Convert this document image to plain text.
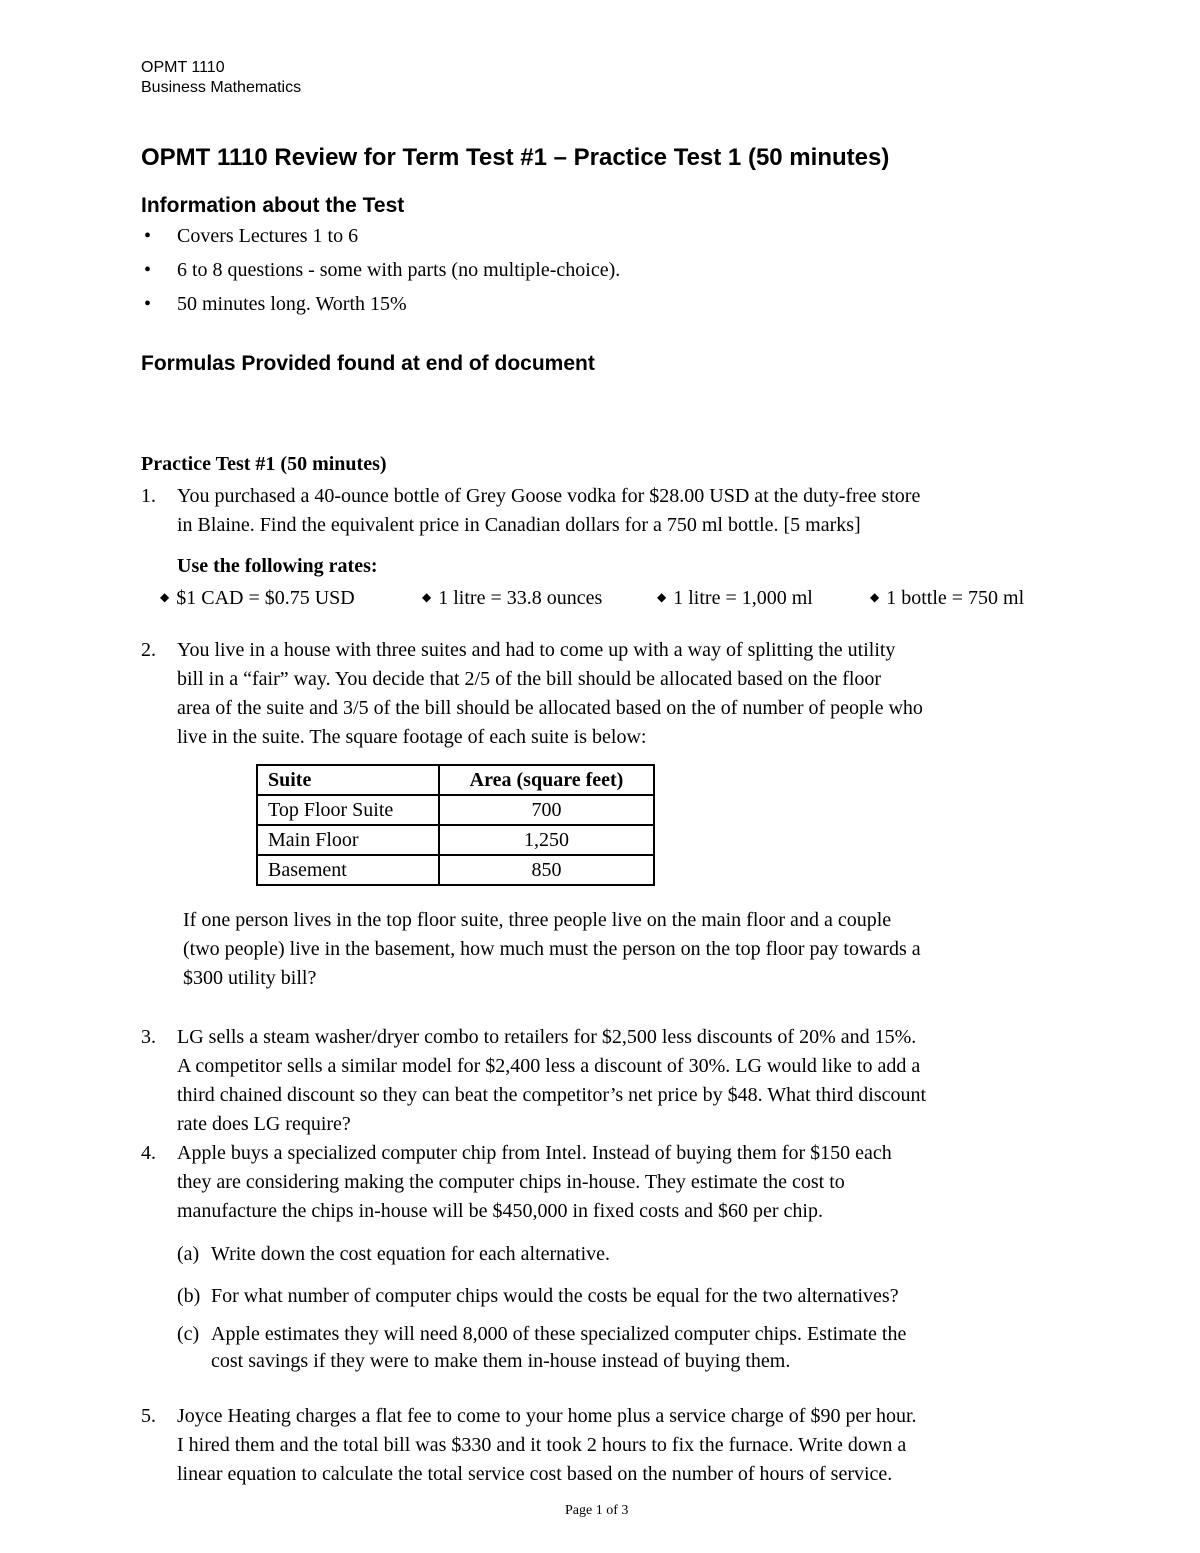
OPMT 1110
Business Mathematics
OPMT 1110 Review for Term Test #1 – Practice Test 1 (50 minutes)
Information about the Test
• Covers Lectures 1 to 6
• 6 to 8 questions - some with parts (no multiple-choice).
• 50 minutes long. Worth 15%
Formulas Provided found at end of document
Practice Test #1 (50 minutes)
1. You purchased a 40-ounce bottle of Grey Goose vodka for $28.00 USD at the duty-free store
in Blaine. Find the equivalent price in Canadian dollars for a 750 ml bottle. [5 marks]
Use the following rates:
◆ $1 CAD = $0.75 USD	◆ 1 litre = 33.8 ounces	◆ 1 litre = 1,000 ml	◆ 1 bottle = 750 ml
2. You live in a house with three suites and had to come up with a way of splitting the utility
bill in a “fair” way. You decide that 2/5 of the bill should be allocated based on the floor
area of the suite and 3/5 of the bill should be allocated based on the of number of people who
live in the suite. The square footage of each suite is below:
Suite	Area (square feet)
Top Floor Suite	700
Main Floor	1,250
Basement	850
If one person lives in the top floor suite, three people live on the main floor and a couple
(two people) live in the basement, how much must the person on the top floor pay towards a
$300 utility bill?
3. LG sells a steam washer/dryer combo to retailers for $2,500 less discounts of 20% and 15%.
A competitor sells a similar model for $2,400 less a discount of 30%. LG would like to add a
third chained discount so they can beat the competitor’s net price by $48. What third discount
rate does LG require?
4. Apple buys a specialized computer chip from Intel. Instead of buying them for $150 each
they are considering making the computer chips in-house. They estimate the cost to
manufacture the chips in-house will be $450,000 in fixed costs and $60 per chip.
(a) Write down the cost equation for each alternative.
(b) For what number of computer chips would the costs be equal for the two alternatives?
(c) Apple estimates they will need 8,000 of these specialized computer chips. Estimate the
cost savings if they were to make them in-house instead of buying them.
5. Joyce Heating charges a flat fee to come to your home plus a service charge of $90 per hour.
I hired them and the total bill was $330 and it took 2 hours to fix the furnace. Write down a
linear equation to calculate the total service cost based on the number of hours of service.
Page 1 of 3
